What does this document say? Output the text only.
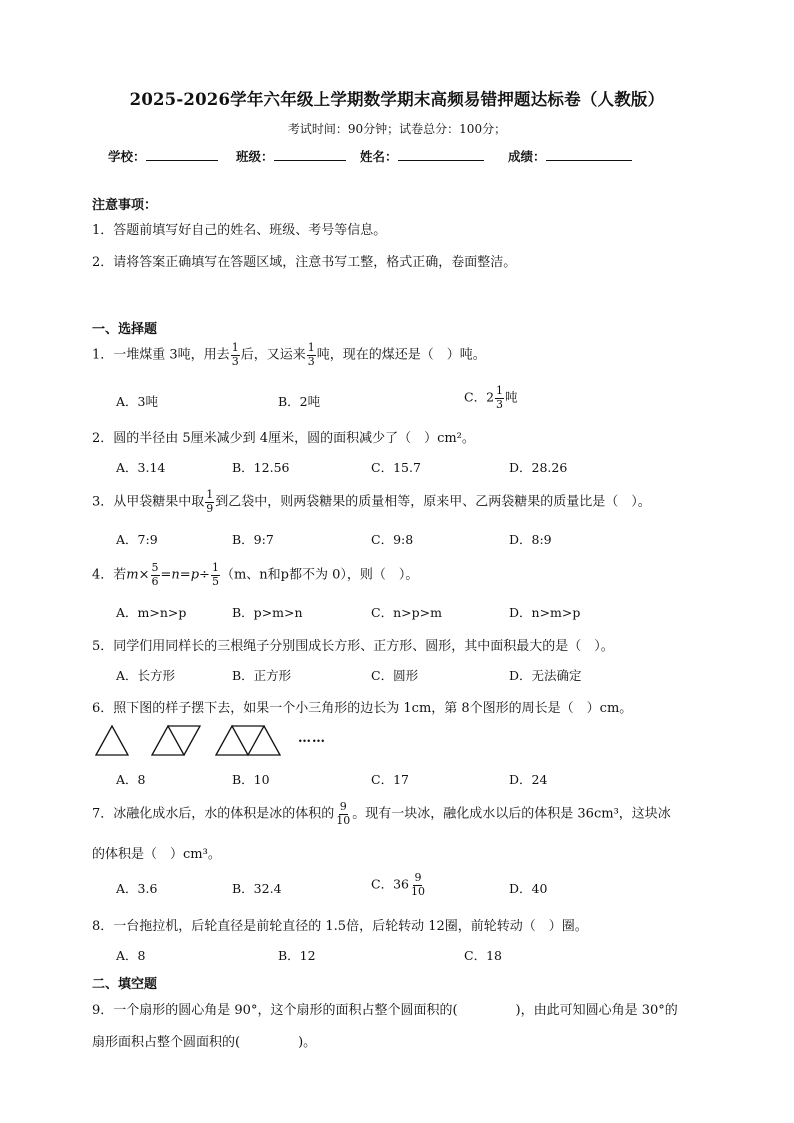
2025-2026学年六年级上学期数学期末高频易错押题达标卷（人教版）
考试时间：90分钟；试卷总分：100分；
学校：	班级：	姓名：	成绩：
注意事项：
1．答题前填写好自己的姓名、班级、考号等信息。
2．请将答案正确填写在答题区域，注意书写工整，格式正确，卷面整洁。
一、选择题
1．一堆煤重 3吨，用去 $\frac{1}{3}$ 后，又运来 $\frac{1}{3}$ 吨，现在的煤还是（　）吨。
A．3吨	B．2吨	C．$2 \frac{1}{3}$ 吨
2．圆的半径由 5厘米减少到 4厘米，圆的面积减少了（　）cm²。
A．3.14	B．12.56	C．15.7	D．28.26
3．从甲袋糖果中取 $\frac{1}{9}$ 到乙袋中，则两袋糖果的质量相等，原来甲、乙两袋糖果的质量比是（　）。
A．7:9	B．9:7	C．9:8	D．8:9
4．若$m\times \frac{5}{6} =n=p\div \frac{1}{5} (m$、n和p都不为 0），则（　）。
A．m>n>p	B．p>m>n	C．n>p>m	D．n>m>p
5．同学们用同样长的三根绳子分别围成长方形、正方形、圆形，其中面积最大的是（　）。
A．长方形	B．正方形	C．圆形	D．无法确定
6．照下图的样子摆下去，如果一个小三角形的边长为 1cm，第 8个图形的周长是（　）cm。
……
A．8	B．10	C．17	D．24
7．冰融化成水后，水的体积是冰的体积的 $\frac{9}{10}$ 。现有一块冰，融化成水以后的体积是 36cm³，这块冰
的体积是（　）cm³。
A．3.6	B．32.4	C．$36 \frac{9}{10}$	D．40
8．一台拖拉机，后轮直径是前轮直径的 1.5倍，后轮转动 12圈，前轮转动（　）圈。
A．8	B．12	C．18
二、填空题
9．一个扇形的圆心角是 90°，这个扇形的面积占整个圆面积的(	)，由此可知圆心角是 30°的
扇形面积占整个圆面积的(	)。
